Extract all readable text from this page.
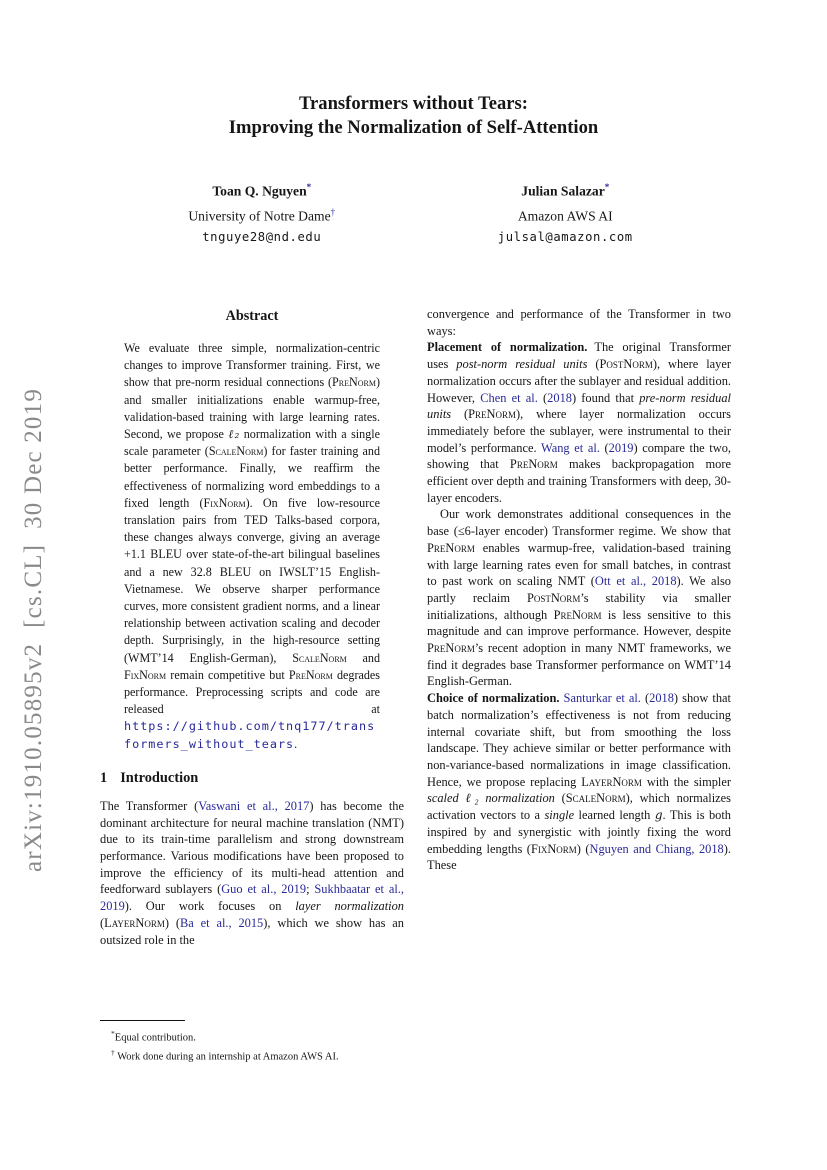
arXiv:1910.05895v2  [cs.CL]  30 Dec 2019
Transformers without Tears:
Improving the Normalization of Self-Attention
Toan Q. Nguyen*
University of Notre Dame†
tnguye28@nd.edu
Julian Salazar*
Amazon AWS AI
julsal@amazon.com
Abstract

We evaluate three simple, normalization-centric changes to improve Transformer training. First, we show that pre-norm residual connections (PreNorm) and smaller initializations enable warmup-free, validation-based training with large learning rates. Second, we propose ℓ₂ normalization with a single scale parameter (ScaleNorm) for faster training and better performance. Finally, we reaffirm the effectiveness of normalizing word embeddings to a fixed length (FixNorm). On five low-resource translation pairs from TED Talks-based corpora, these changes always converge, giving an average +1.1 BLEU over state-of-the-art bilingual baselines and a new 32.8 BLEU on IWSLT’15 English-Vietnamese. We observe sharper performance curves, more consistent gradient norms, and a linear relationship between activation scaling and decoder depth. Surprisingly, in the high-resource setting (WMT’14 English-German), ScaleNorm and FixNorm remain competitive but PreNorm degrades performance. Preprocessing scripts and code are released at https://github.com/tnq177/transformers_without_tears.

1 Introduction

The Transformer (Vaswani et al., 2017) has become the dominant architecture for neural machine translation (NMT) due to its train-time parallelism and strong downstream performance. Various modifications have been proposed to improve the efficiency of its multi-head attention and feedforward sublayers (Guo et al., 2019; Sukhbaatar et al., 2019). Our work focuses on layer normalization (LayerNorm) (Ba et al., 2015), which we show has an outsized role in the

convergence and performance of the Transformer in two ways:

Placement of normalization. The original Transformer uses post-norm residual units (PostNorm), where layer normalization occurs after the sublayer and residual addition. However, Chen et al. (2018) found that pre-norm residual units (PreNorm), where layer normalization occurs immediately before the sublayer, were instrumental to their model’s performance. Wang et al. (2019) compare the two, showing that PreNorm makes backpropagation more efficient over depth and training Transformers with deep, 30-layer encoders.

Our work demonstrates additional consequences in the base (≤6-layer encoder) Transformer regime. We show that PreNorm enables warmup-free, validation-based training with large learning rates even for small batches, in contrast to past work on scaling NMT (Ott et al., 2018). We also partly reclaim PostNorm’s stability via smaller initializations, although PreNorm is less sensitive to this magnitude and can improve performance. However, despite PreNorm’s recent adoption in many NMT frameworks, we find it degrades base Transformer performance on WMT’14 English-German.

Choice of normalization. Santurkar et al. (2018) show that batch normalization’s effectiveness is not from reducing internal covariate shift, but from smoothing the loss landscape. They achieve similar or better performance with non-variance-based normalizations in image classification. Hence, we propose replacing LayerNorm with the simpler scaled ℓ₂ normalization (ScaleNorm), which normalizes activation vectors to a single learned length g. This is both inspired by and synergistic with jointly fixing the word embedding lengths (FixNorm) (Nguyen and Chiang, 2018). These

*Equal contribution.
† Work done during an internship at Amazon AWS AI.
